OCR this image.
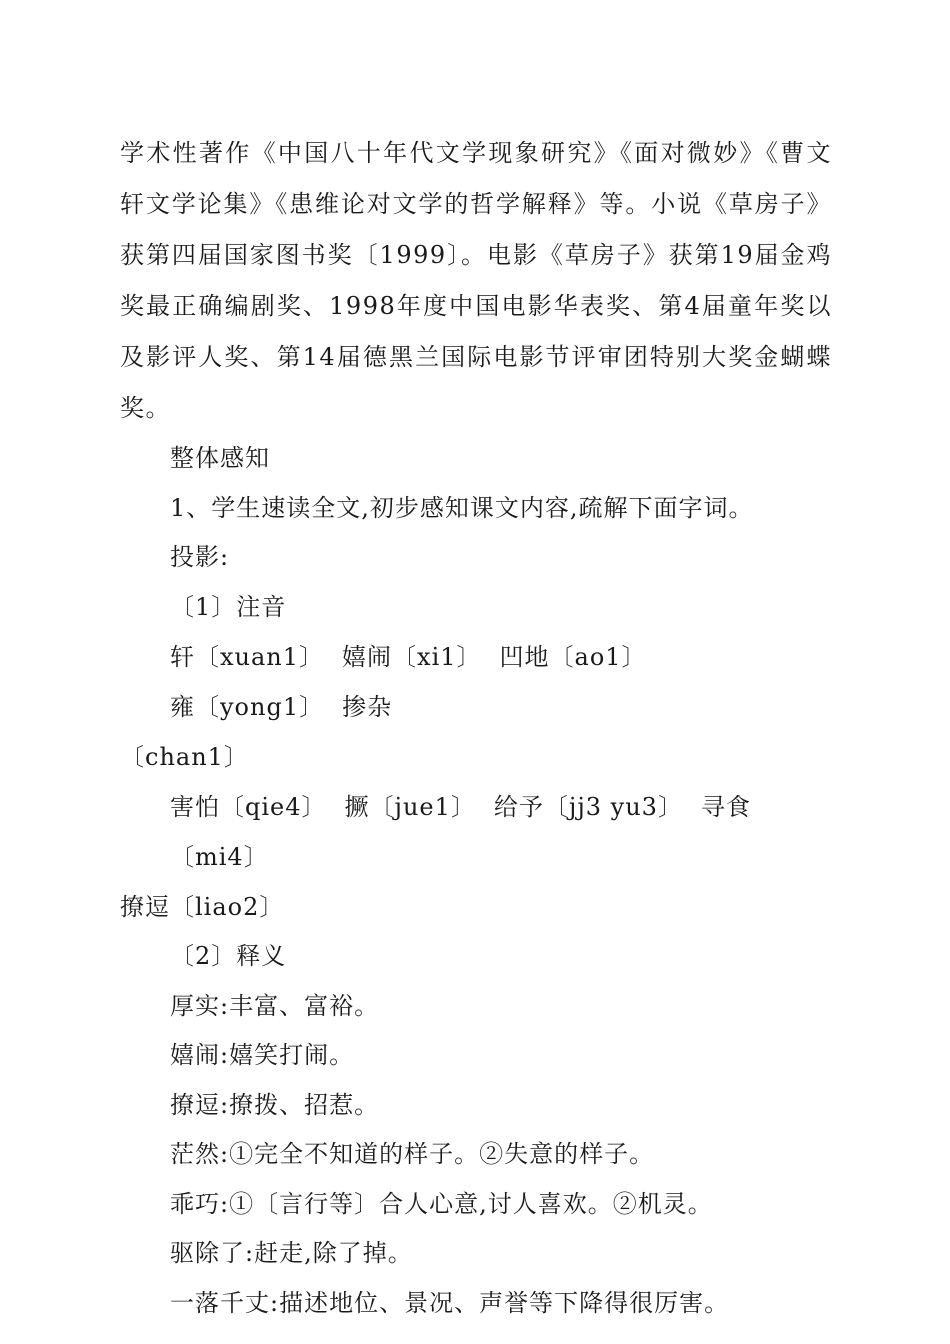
学术性著作《中国八十年代文学现象研究》《面对微妙》《曹文轩文学论集》《患维论对文学的哲学解释》等。小说《草房子》获第四届国家图书奖〔1999〕。电影《草房子》获第19届金鸡奖最正确编剧奖、1998年度中国电影华表奖、第4届童年奖以及影评人奖、第14届德黑兰国际电影节评审团特别大奖金蝴蝶奖。

整体感知

1、学生速读全文,初步感知课文内容,疏解下面字词。

投影:

〔1〕注音

轩〔xuan1〕 嬉闹〔xi1〕 凹地〔ao1〕雍〔yong1〕 掺杂
〔chan1〕

害怕〔qie4〕 撅〔jue1〕 给予〔jj3 yu3〕 寻食〔mi4〕
撩逗〔liao2〕

〔2〕释义

厚实:丰富、富裕。

嬉闹:嬉笑打闹。

撩逗:撩拨、招惹。

茫然:①完全不知道的样子。②失意的样子。

乖巧:①〔言行等〕合人心意,讨人喜欢。②机灵。

驱除了:赶走,除了掉。

一落千丈:描述地位、景况、声誉等下降得很厉害。
